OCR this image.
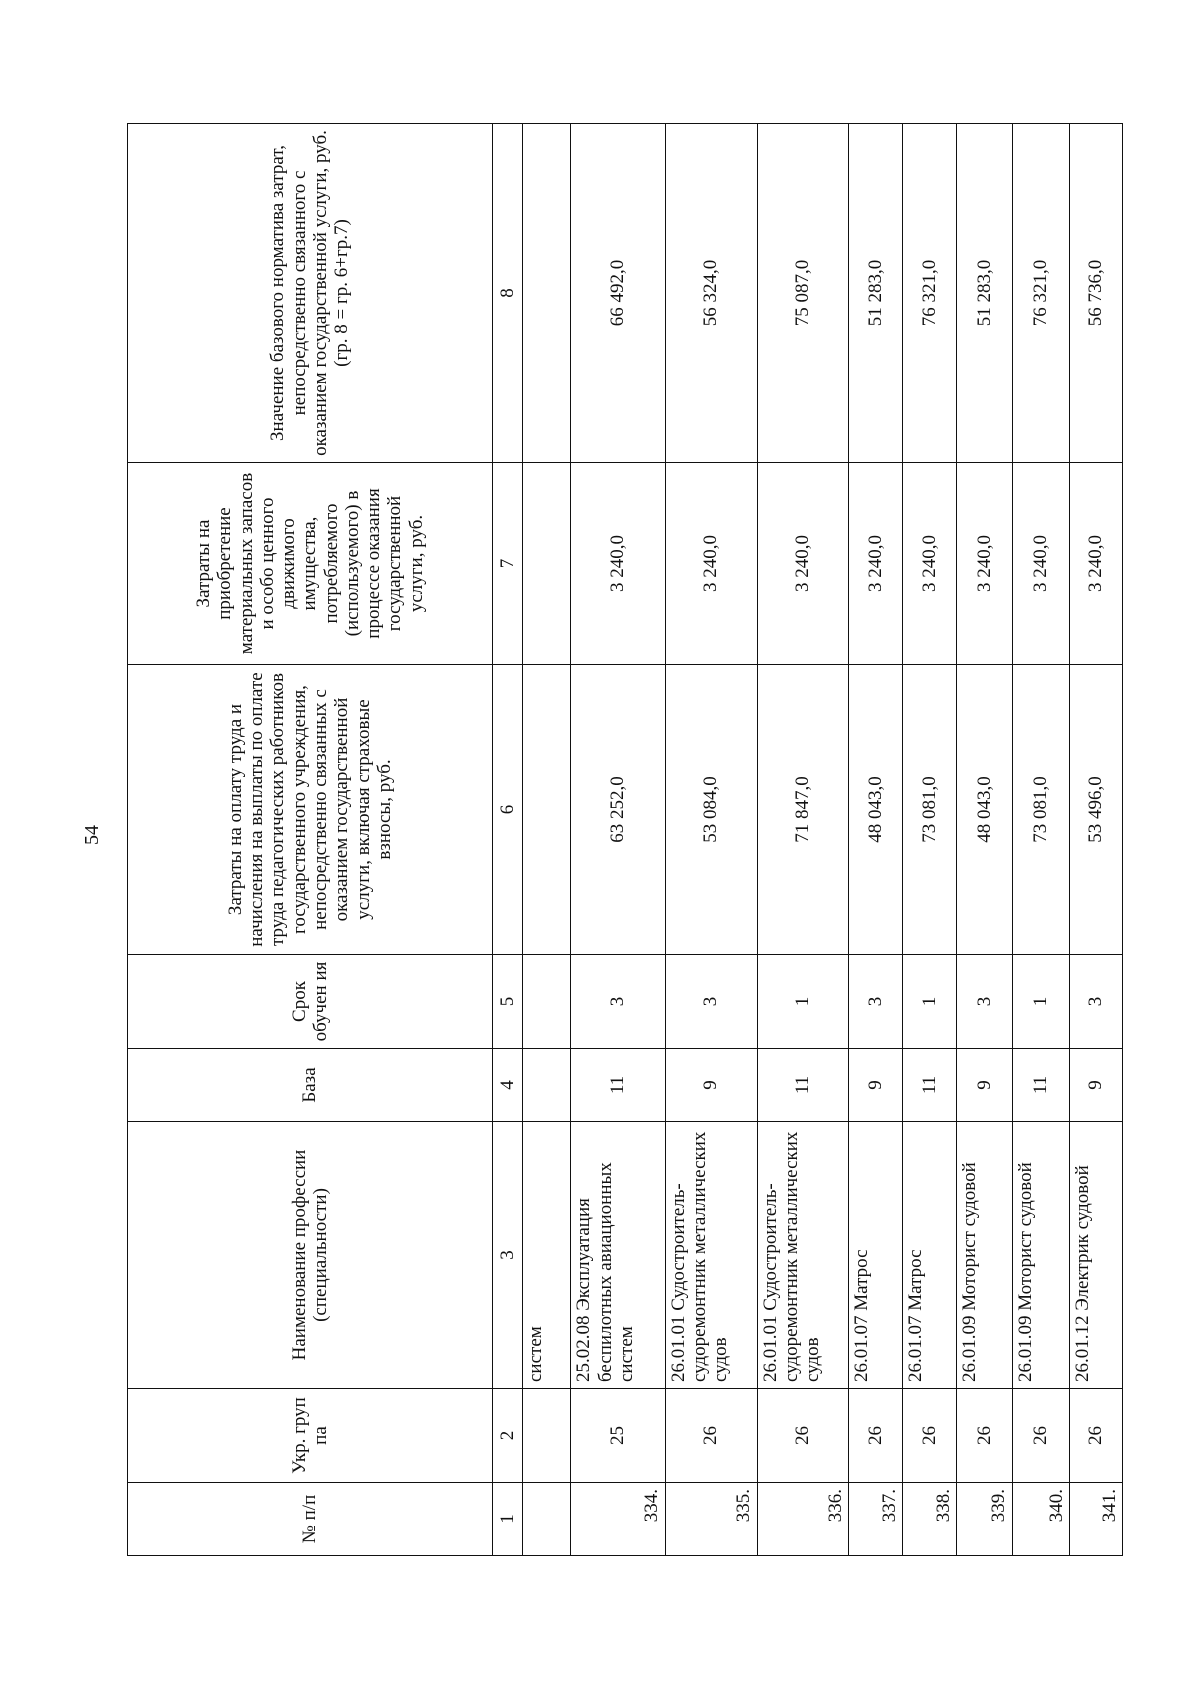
54
№ п/п	Укр. груп па	Наименование профессии (специальности)	База	Срок обучен ия	Затраты на оплату труда и начисления на выплаты по оплате труда педагогических работников государственного учреждения, непосредственно связанных с оказанием государственной услуги, включая страховые взносы, руб.	Затраты на приобретение материальных запасов и особо ценного движимого имущества, потребляемого (используемого) в процессе оказания государственной услуги, руб.	Значение базового норматива затрат, непосредственно связанного с оказанием государственной услуги, руб. (гр. 8 = гр. 6+гр.7)
1	2	3	4	5	6	7	8
		систем					
334.	25	25.02.08 Эксплуатация беспилотных авиационных систем	11	3	63 252,0	3 240,0	66 492,0
335.	26	26.01.01 Судостроитель-судоремонтник металлических судов	9	3	53 084,0	3 240,0	56 324,0
336.	26	26.01.01 Судостроитель-судоремонтник металлических судов	11	1	71 847,0	3 240,0	75 087,0
337.	26	26.01.07 Матрос	9	3	48 043,0	3 240,0	51 283,0
338.	26	26.01.07 Матрос	11	1	73 081,0	3 240,0	76 321,0
339.	26	26.01.09 Моторист судовой	9	3	48 043,0	3 240,0	51 283,0
340.	26	26.01.09 Моторист судовой	11	1	73 081,0	3 240,0	76 321,0
341.	26	26.01.12 Электрик судовой	9	3	53 496,0	3 240,0	56 736,0
